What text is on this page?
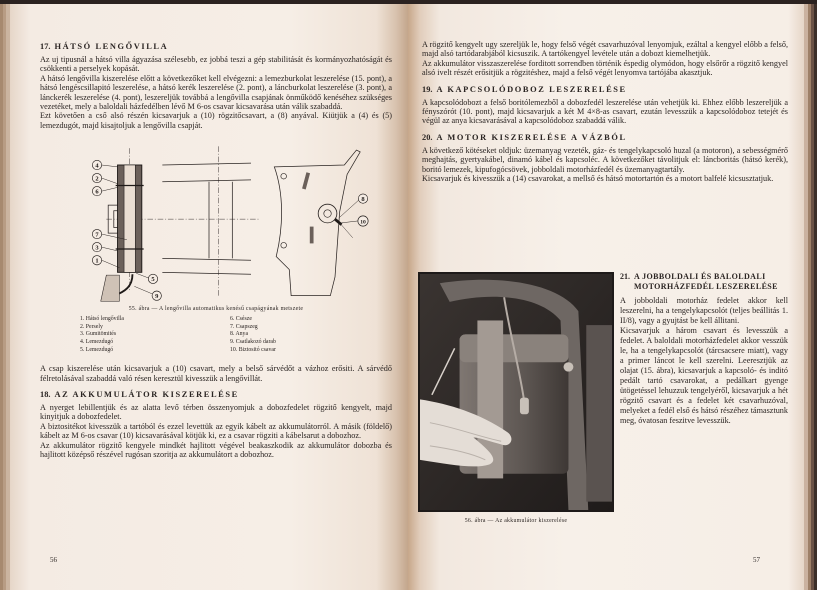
17. HÁTSÓ LENGŐVILLA

Az uj tipusnál a hátsó villa ágyazása szélesebb, ez jobbá teszi a gép stabilitását és kormányozhatóságát és csökkenti a perselyek kopását.

A hátsó lengővilla kiszerelése előtt a következőket kell elvégezni: a lemezburkolat leszerelése (15. pont), a hátsó lengéscsillapitó leszerelése, a hátsó kerék leszerelése (2. pont), a láncburkolat leszerelése (3. pont), a lánckerék leszerelése (4. pont), leszereljük továbbá a lengővilla csapjának önműködő kenéséhez szükséges vezetéket, mely a baloldali házfedélben lévő M 6-os csavar kicsavarása után válik szabaddá.

Ezt követően a cső alsó részén kicsavarjuk a (10) rögzitőcsavart, a (8) anyával. Kiütjük a (4) és (5) lemezdugót, majd kisajtoljuk a lengővilla csapját.

4
2
6
7
3
1
5
9
8
10
55. ábra — A lengővilla automatikus kenésű csapágyának metszete
1. Hátsó lengővilla	6. Csésze
2. Persely	7. Csapszeg
3. Gumitömités	8. Anya
4. Lemezdugó	9. Csatlakozó darab
5. Lemezdugó	10. Biztositó csavar

A csap kiszerelése után kicsavarjuk a (10) csavart, mely a belső sárvédőt a vázhoz erősiti. A sárvédő félretolásával szabaddá való résen keresztül kivesszük a lengővillát.

18. AZ AKKUMULÁTOR KISZERELÉSE

A nyerget lebillentjük és az alatta levő térben összenyomjuk a dobozfedelet rögzitő kengyelt, majd kinyitjuk a dobozfedelet.

A biztositékot kivesszük a tartóból és ezzel levettük az egyik kábelt az akkumulátorról. A másik (földelő) kábelt az M 6-os csavar (10) kicsavarásával kötjük ki, ez a csavar rögziti a kábelsarut a dobozhoz.

Az akkumulátor rögzitő kengyele mindkét hajlitott végével beakaszkodik az akkumulátor dobozba és hajlitott középső részével rugósan szoritja az akkumulátort a dobozhoz.

56

A rögzitő kengyelt ugy szereljük le, hogy felső végét csavarhuzóval lenyomjuk, ezáltal a kengyel előbb a felső, majd alsó tartódarabjából kicsuszik. A tartókengyel levétele után a dobozt kiemelhetjük.

Az akkumulátor visszaszerelése forditott sorrendben történik éspedig olymódon, hogy elsőrőr a rögzitő kengyel alsó ivelt részét erősitjük a rögzitéshez, majd a felső végét lenyomva tartójába akasztjuk.

19. A KAPCSOLÓDOBOZ LESZERELÉSE

A kapcsolódobozt a felső boritólemezből a dobozfedél leszerelése után vehetjük ki. Ehhez előbb leszereljük a fényszórót (10. pont), majd kicsavarjuk a két M 4×8-as csavart, ezután levesszük a kapcsolódoboz tetejét és végül az anya kicsavarásával a kapcsolódoboz szabaddá válik.

20. A MOTOR KISZERELÉSE A VÁZBÓL

A következő kötéseket oldjuk: üzemanyag vezeték, gáz- és tengelykapcsoló huzal (a motoron), a sebességmérő meghajtás, gyertyakábel, dinamó kábel és kapcsoléc. A következőket távolitjuk el: láncboritás (hátsó kerék), boritó lemezek, kipufogócsövek, jobboldali motorházfedél és üzemanyagtartály.

Kicsavarjuk és kivesszük a (14) csavarokat, a mellső és hátsó motortartón és a motort balfelé kicsusztatjuk.

56. ábra — Az akkumulátor kiszerelése
21. A JOBBOLDALI ÉS BALOLDALI MOTORHÁZFEDÉL LESZERELÉSE

A jobboldali motorház fedelet akkor kell leszerelni, ha a tengelykapcsolót (teljes beállitás 1. II/8), vagy a gyujtást be kell állitani.

Kicsavarjuk a három csavart és levesszük a fedelet. A baloldali motorházfedelet akkor vesszük le, ha a tengelykapcsolót (tárcsacsere miatt), vagy a primer láncot le kell szerelni. Leeresztjük az olajat (15. ábra), kicsavarjuk a kapcsoló- és inditó pedált tartó csavarokat, a pedálkart gyenge ütögetéssel lehuzzuk tengelyéről, kicsavarjuk a hét rögzitő csavart és a fedelet két csavarhuzóval, melyeket a fedél első és hátsó részéhez támasztunk meg, óvatosan feszitve levesszük.

57
